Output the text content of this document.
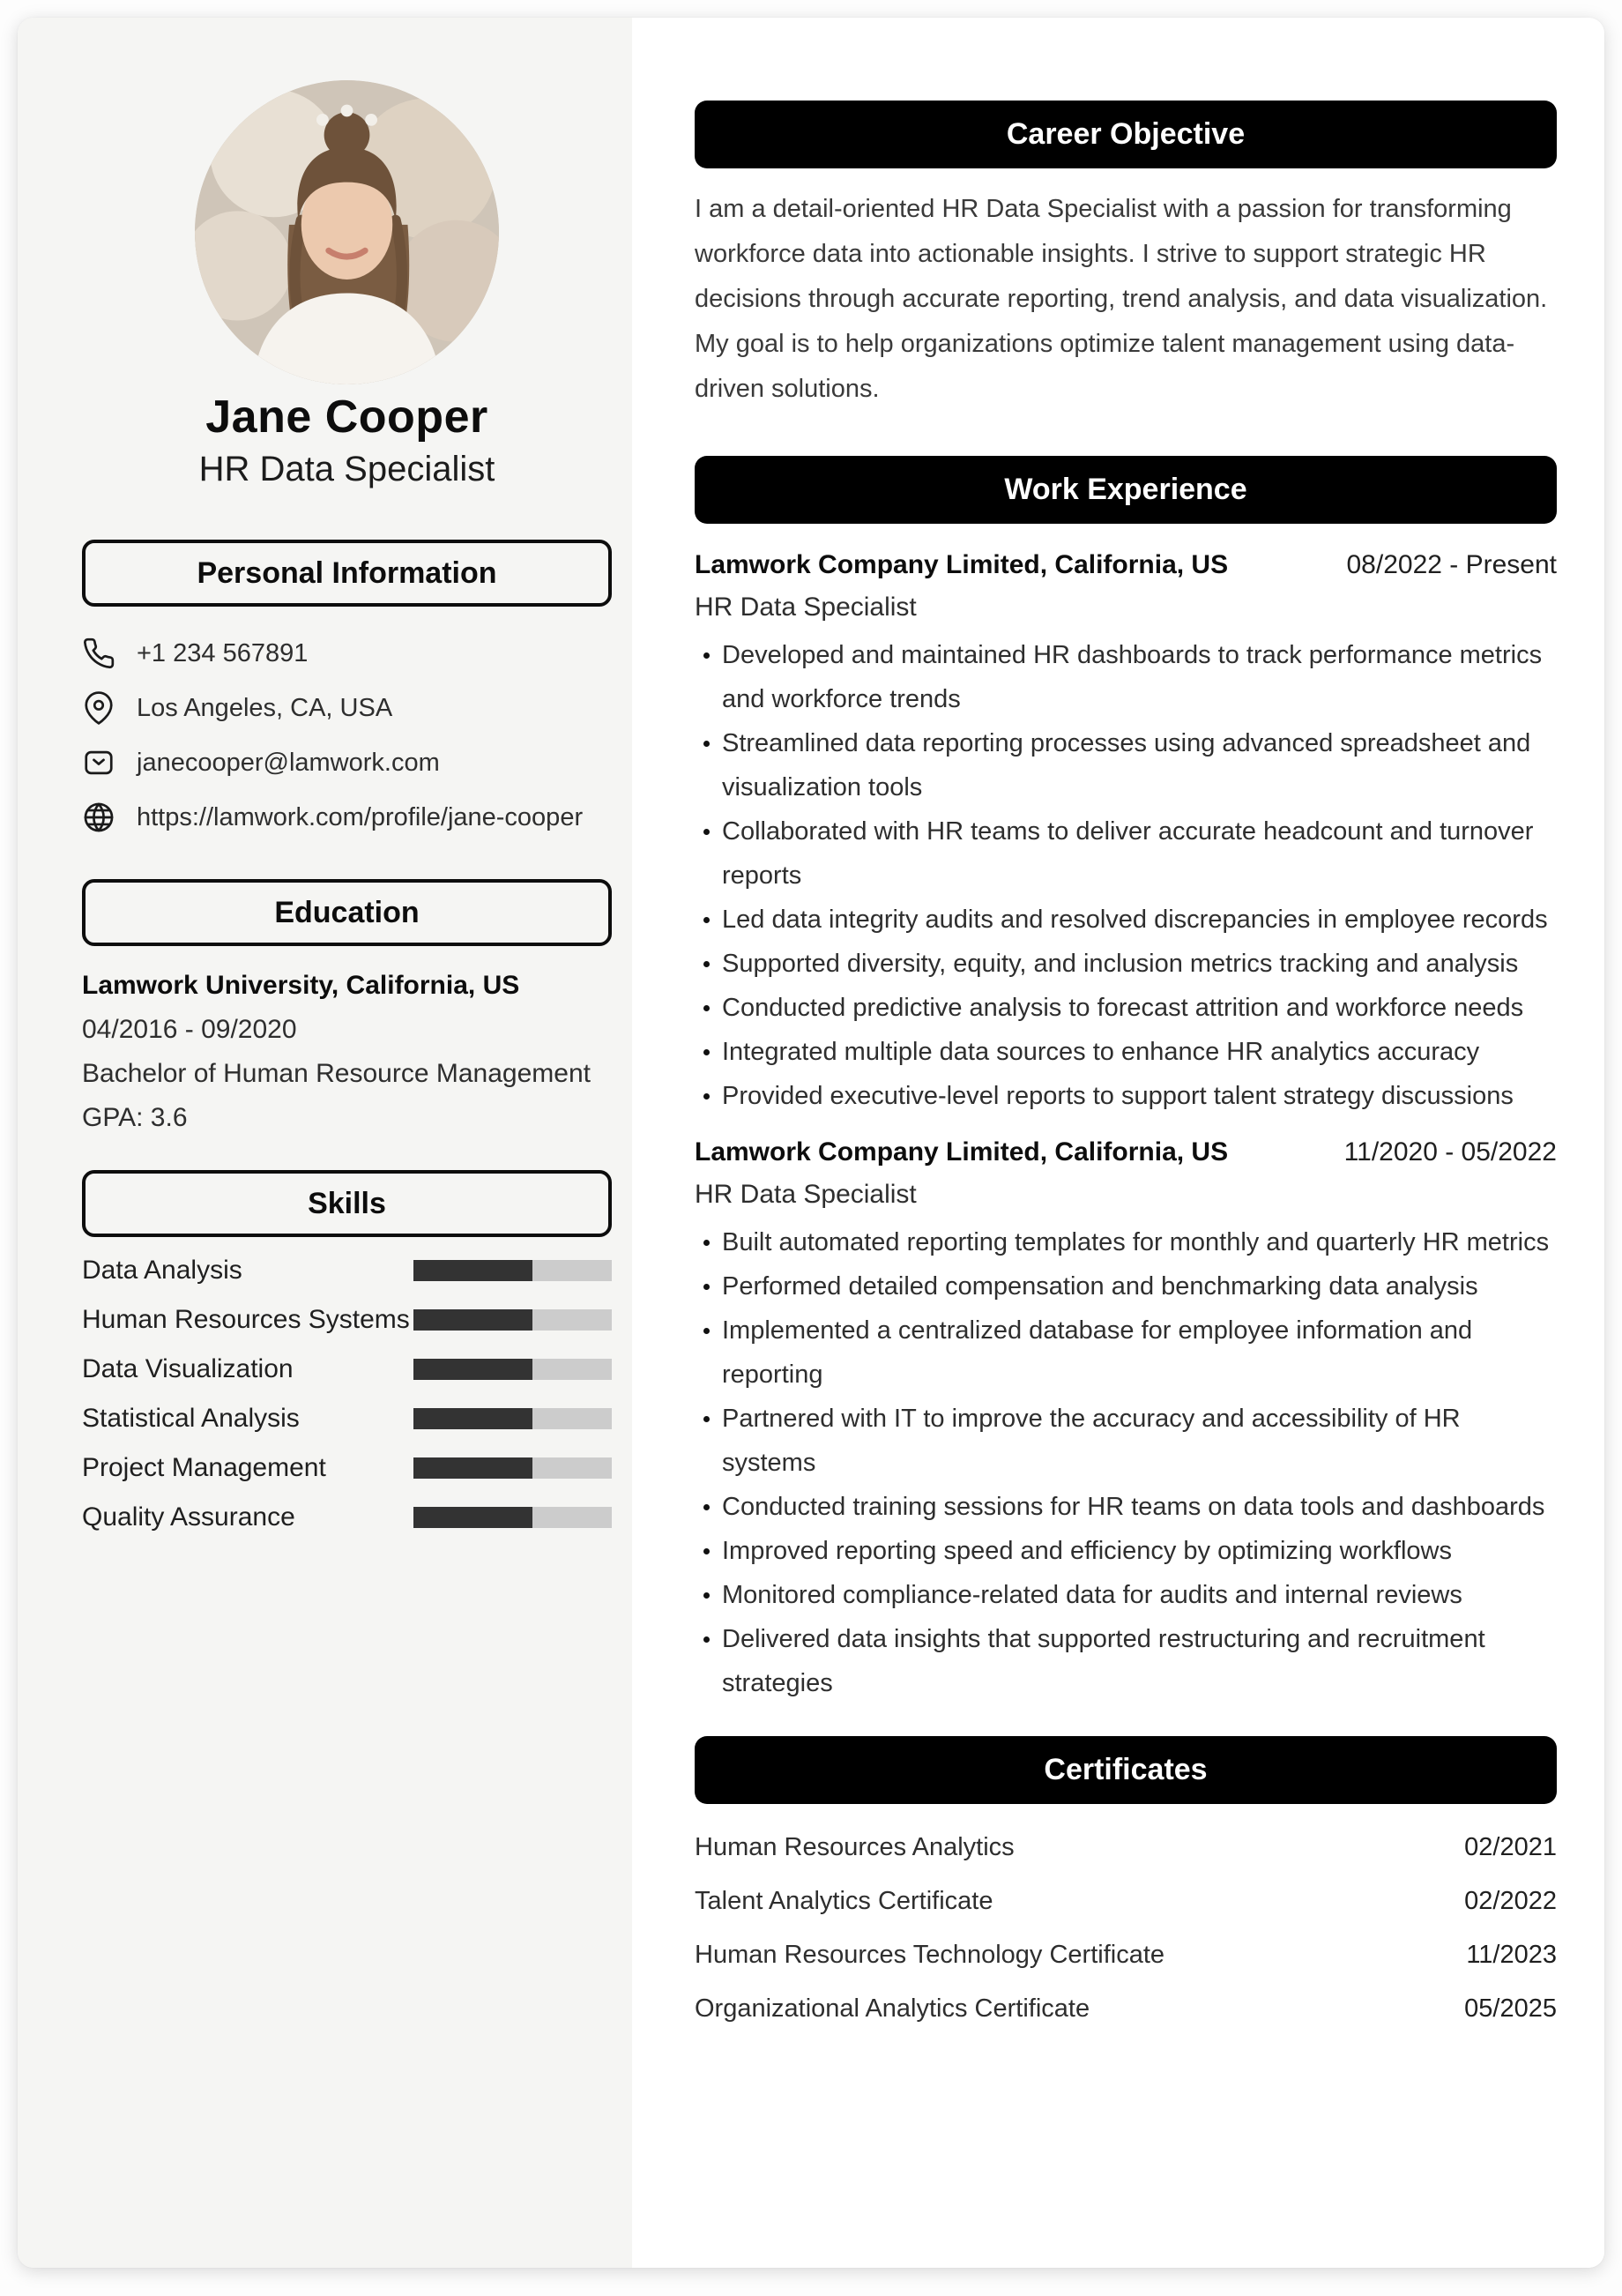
Jane Cooper
HR Data Specialist
Personal Information
+1 234 567891
Los Angeles, CA, USA
janecooper@lamwork.com
https://lamwork.com/profile/jane-cooper
Education
Lamwork University, California, US
04/2016 - 09/2020
Bachelor of Human Resource Management
GPA: 3.6
Skills
Data Analysis
Human Resources Systems
Data Visualization
Statistical Analysis
Project Management
Quality Assurance
Career Objective

I am a detail-oriented HR Data Specialist with a passion for transforming workforce data into actionable insights. I strive to support strategic HR decisions through accurate reporting, trend analysis, and data visualization. My goal is to help organizations optimize talent management using data-driven solutions.

Work Experience
Lamwork Company Limited, California, US	08/2022 - Present
HR Data Specialist
Developed and maintained HR dashboards to track performance metrics and workforce trends
Streamlined data reporting processes using advanced spreadsheet and visualization tools
Collaborated with HR teams to deliver accurate headcount and turnover reports
Led data integrity audits and resolved discrepancies in employee records
Supported diversity, equity, and inclusion metrics tracking and analysis
Conducted predictive analysis to forecast attrition and workforce needs
Integrated multiple data sources to enhance HR analytics accuracy
Provided executive-level reports to support talent strategy discussions
Lamwork Company Limited, California, US	11/2020 - 05/2022
HR Data Specialist
Built automated reporting templates for monthly and quarterly HR metrics
Performed detailed compensation and benchmarking data analysis
Implemented a centralized database for employee information and reporting
Partnered with IT to improve the accuracy and accessibility of HR systems
Conducted training sessions for HR teams on data tools and dashboards
Improved reporting speed and efficiency by optimizing workflows
Monitored compliance-related data for audits and internal reviews
Delivered data insights that supported restructuring and recruitment strategies
Certificates
Human Resources Analytics	02/2021
Talent Analytics Certificate	02/2022
Human Resources Technology Certificate	11/2023
Organizational Analytics Certificate	05/2025
